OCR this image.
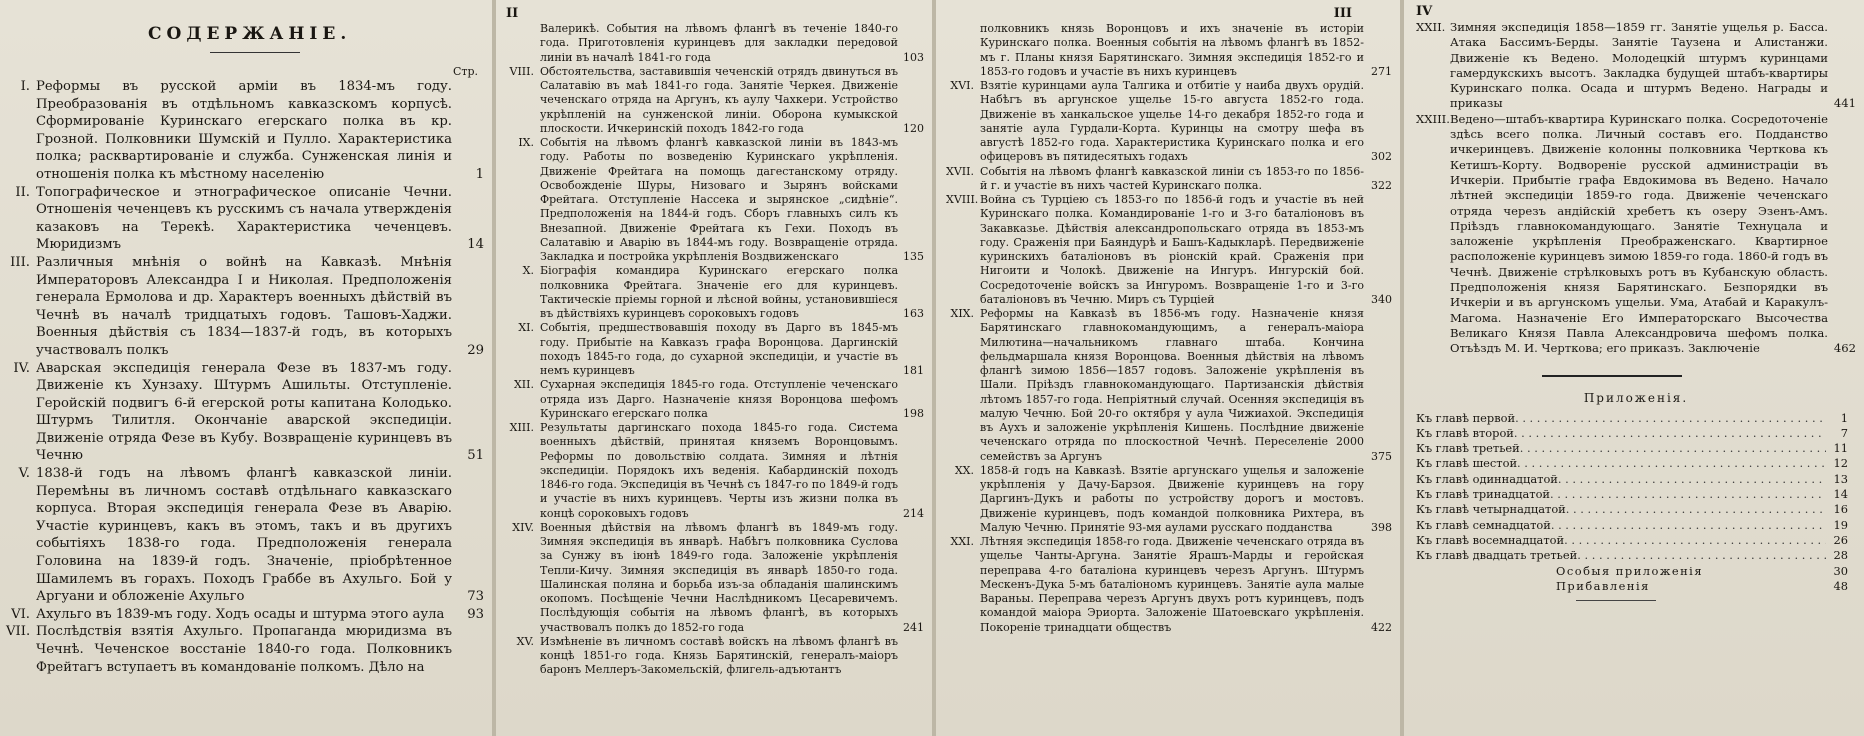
СОДЕРЖАНIЕ.
Стр.
I. Реформы въ русской армiи въ 1834-мъ году. Преобразованiя въ отдѣльномъ кавказскомъ корпусѣ. Сформированiе Куринскаго егерскаго полка въ кр. Грозной. Полковники Шумскiй и Пулло. Характеристика полка; расквартированiе и служба. Сунженская линiя и отношенiя полка къ мѣстному населенiю	1
II. Топографическое и этнографическое описанiе Чечни. Отношенiя чеченцевъ къ русскимъ съ начала утвержденiя казаковъ на Терекѣ. Характеристика чеченцевъ. Мюридизмъ	14
III. Различныя мнѣнiя о войнѣ на Кавказѣ. Мнѣнiя Императоровъ Александра I и Николая. Предположенiя генерала Ермолова и др. Характеръ военныхъ дѣйствiй въ Чечнѣ въ началѣ тридцатыхъ годовъ. Ташовъ-Хаджи. Военныя дѣйствiя съ 1834—1837-й годъ, въ которыхъ участвовалъ полкъ	29
IV. Аварская экспедицiя генерала Фезе въ 1837-мъ году. Движенiе къ Хунзаху. Штурмъ Ашильты. Отступленiе. Геройскiй подвигъ 6-й егерской роты капитана Колодько. Штурмъ Тилитля. Окончанiе аварской экспедицiи. Движенiе отряда Фезе въ Кубу. Возвращенiе куринцевъ въ Чечню	51
V. 1838-й годъ на лѣвомъ флангѣ кавказской линiи. Перемѣны въ личномъ составѣ отдѣльнаго кавказскаго корпуса. Вторая экспедицiя генерала Фезе въ Аварiю. Участiе куринцевъ, какъ въ этомъ, такъ и въ другихъ событiяхъ 1838-го года. Предположенiя генерала Головина на 1839-й годъ. Значенiе, прiобрѣтенное Шамилемъ въ горахъ. Походъ Граббе въ Ахульго. Бой у Аргуани и обложенiе Ахульго	73
VI. Ахульго въ 1839-мъ году. Ходъ осады и штурма этого аула	93
VII. Послѣдствiя взятiя Ахульго. Пропаганда мюридизма въ Чечнѣ. Чеченское восстанiе 1840-го года. Полковникъ Фрейтагъ вступаетъ въ командованiе полкомъ. Дѣло на
II
Валерикѣ. События на лѣвомъ флангѣ въ теченiе 1840-го года. Приготовленiя куринцевъ для закладки передовой линiи въ началѣ 1841-го года	103
VIII. Обстоятельства, заставившiя чеченскiй отрядъ двинуться въ Салатавiю въ маѣ 1841-го года. Занятiе Черкея. Движенiе чеченскаго отряда на Аргунъ, къ аулу Чахкери. Устройство укрѣпленiй на сунженской линiи. Оборона кумыкской плоскости. Ичкеринскiй походъ 1842-го года	120
IX. Событiя на лѣвомъ флангѣ кавказской линiи въ 1843-мъ году. Работы по возведенiю Куринскаго укрѣпленiя. Движенiе Фрейтага на помощь дагестанскому отряду. Освобожденiе Шуры, Низоваго и Зырянъ войсками Фрейтага. Отступленiе Нассека и зырянское „сидѣнiе“. Предположенiя на 1844-й годъ. Сборъ главныхъ силъ къ Внезапной. Движенiе Фрейтага къ Гехи. Походъ въ Салатавiю и Аварiю въ 1844-мъ году. Возвращенiе отряда. Закладка и постройка укрѣпленiя Воздвиженскаго	135
X. Бiографiя командира Куринскаго егерскаго полка полковника Фрейтага. Значенiе его для куринцевъ. Тактическiе прiемы горной и лѣсной войны, установившiеся въ дѣйствiяхъ куринцевъ сороковыхъ годовъ	163
XI. Событiя, предшествовавшiя походу въ Дарго въ 1845-мъ году. Прибытiе на Кавказъ графа Воронцова. Даргинскiй походъ 1845-го года, до сухарной экспедицiи, и участiе въ немъ куринцевъ	181
XII. Сухарная экспедицiя 1845-го года. Отступленiе чеченскаго отряда изъ Дарго. Назначенiе князя Воронцова шефомъ Куринскаго егерскаго полка	198
XIII. Результаты даргинскаго похода 1845-го года. Система военныхъ дѣйствiй, принятая княземъ Воронцовымъ. Реформы по довольствiю солдата. Зимняя и лѣтнiя экспедицiи. Порядокъ ихъ веденiя. Кабардинскiй походъ 1846-го года. Экспедицiя въ Чечнѣ съ 1847-го по 1849-й годъ и участiе въ нихъ куринцевъ. Черты изъ жизни полка въ концѣ сороковыхъ годовъ	214
XIV. Военныя дѣйствiя на лѣвомъ флангѣ въ 1849-мъ году. Зимняя экспедицiя въ январѣ. Набѣгъ полковника Суслова за Сунжу въ iюнѣ 1849-го года. Заложенiе укрѣпленiя Тепли-Кичу. Зимняя экспедицiя въ январѣ 1850-го года. Шалинская поляна и борьба изъ-за обладанiя шалинскимъ окопомъ. Посѣщенiе Чечни Наслѣдникомъ Цесаревичемъ. Послѣдующiя событiя на лѣвомъ флангѣ, въ которыхъ участвовалъ полкъ до 1852-го года	241
XV. Измѣненiе въ личномъ составѣ войскъ на лѣвомъ флангѣ въ концѣ 1851-го года. Князь Барятинскiй, генералъ-маiоръ баронъ Меллеръ-Закомельскiй, флигель-адъютантъ
III
полковникъ князь Воронцовъ и ихъ значенiе въ исторiи Куринскаго полка. Военныя событiя на лѣвомъ флангѣ въ 1852-мъ г. Планы князя Барятинскаго. Зимняя экспедицiя 1852-го и 1853-го годовъ и участiе въ нихъ куринцевъ	271
XVI. Взятiе куринцами аула Талгика и отбитiе у наиба двухъ орудiй. Набѣгъ въ аргунское ущелье 15-го августа 1852-го года. Движенiе въ ханкальское ущелье 14-го декабря 1852-го года и занятiе аула Гурдали-Корта. Куринцы на смотру шефа въ августѣ 1852-го года. Характеристика Куринскаго полка и его офицеровъ въ пятидесятыхъ годахъ	302
XVII. Событiя на лѣвомъ флангѣ кавказской линiи съ 1853-го по 1856-й г. и участiе въ нихъ частей Куринскаго полка.	322
XVIII. Война съ Турцiею съ 1853-го по 1856-й годъ и участiе въ ней Куринскаго полка. Командированiе 1-го и 3-го баталiоновъ въ Закавказье. Дѣйствiя александропольскаго отряда въ 1853-мъ году. Сраженiя при Баяндурѣ и Башъ-Кадыкларѣ. Передвиженiе куринскихъ баталiоновъ въ рiонскiй край. Сраженiя при Нигоити и Чолокѣ. Движенiе на Ингуръ. Ингурскiй бой. Сосредоточенiе войскъ за Ингуромъ. Возвращенiе 1-го и 3-го баталiоновъ въ Чечню. Миръ съ Турцiей	340
XIX. Реформы на Кавказѣ въ 1856-мъ году. Назначенiе князя Барятинскаго главнокомандующимъ, а генералъ-маiора Милютина—начальникомъ главнаго штаба. Кончина фельдмаршала князя Воронцова. Военныя дѣйствiя на лѣвомъ флангѣ зимою 1856—1857 годовъ. Заложенiе укрѣпленiя въ Шали. Прiѣздъ главнокомандующаго. Партизанскiя дѣйствiя лѣтомъ 1857-го года. Непрiятный случай. Осенняя экспедицiя въ малую Чечню. Бой 20-го октября у аула Чижиахой. Экспедицiя въ Аухъ и заложенiе укрѣпленiя Кишень. Послѣдние движенiе чеченскаго отряда по плоскостной Чечнѣ. Переселенiе 2000 семействъ за Аргунъ	375
XX. 1858-й годъ на Кавказѣ. Взятiе аргунскаго ущелья и заложенiе укрѣпленiя у Дачу-Барзоя. Движенiе куринцевъ на гору Даргинъ-Дукъ и работы по устройству дорогъ и мостовъ. Движенiе куринцевъ, подъ командой полковника Рихтера, въ Малую Чечню. Принятiе 93-мя аулами русскаго подданства	398
XXI. Лѣтняя экспедицiя 1858-го года. Движенiе чеченскаго отряда въ ущелье Чанты-Аргуна. Занятiе Ярашъ-Марды и геройская переправа 4-го баталiона куринцевъ черезъ Аргунъ. Штурмъ Мескенъ-Дука 5-мъ баталiономъ куринцевъ. Занятiе аула малые Вараньы. Переправа черезъ Аргунъ двухъ ротъ куринцевъ, подъ командой маiора Эриорта. Заложенiе Шатоевскаго укрѣпленiя. Покоренiе тринадцати обществъ	422
IV
XXII. Зимняя экспедицiя 1858—1859 гг. Занятiе ущелья р. Басса. Атака Бассимъ-Берды. Занятiе Таузена и Алистанжи. Движенiе къ Ведено. Молодецкiй штурмъ куринцами гамердукскихъ высотъ. Закладка будущей штабъ-квартиры Куринскаго полка. Осада и штурмъ Ведено. Награды и приказы	441
XXIII. Ведено—штабъ-квартира Куринскаго полка. Сосредоточенiе здѣсь всего полка. Личный составъ его. Подданство ичкеринцевъ. Движенiе колонны полковника Черткова къ Кетишъ-Корту. Водворенiе русской администрацiи въ Ичкерiи. Прибытiе графа Евдокимова въ Ведено. Начало лѣтней экспедицiи 1859-го года. Движенiе чеченскаго отряда черезъ андiйскiй хребетъ къ озеру Эзенъ-Амъ. Прiѣздъ главнокомандующаго. Занятiе Технуцала и заложенiе укрѣпленiя Преображенскаго. Квартирное расположенiе куринцевъ зимою 1859-го года. 1860-й годъ въ Чечнѣ. Движенiе стрѣлковыхъ ротъ въ Кубанскую область. Предположенiя князя Барятинскаго. Безпорядки въ Ичкерiи и въ аргунскомъ ущельи. Ума, Атабай и Каракулъ-Магома. Назначенiе Его Императорскаго Высочества Великаго Князя Павла Александровича шефомъ полка. Отъѣздъ М. И. Черткова; его приказъ. Заключенiе	462
Приложенiя.
Къ главѣ первой . . .	1
Къ главѣ второй . . .	7
Къ главѣ третьей . . .	11
Къ главѣ шестой . . .	12
Къ главѣ одиннадцатой . . .	13
Къ главѣ тринадцатой . . .	14
Къ главѣ четырнадцатой . . .	16
Къ главѣ семнадцатой . . .	19
Къ главѣ восемнадцатой . . .	26
Къ главѣ двадцать третьей . . .	28
Особыя приложенiя	30
Прибавленiя	48
